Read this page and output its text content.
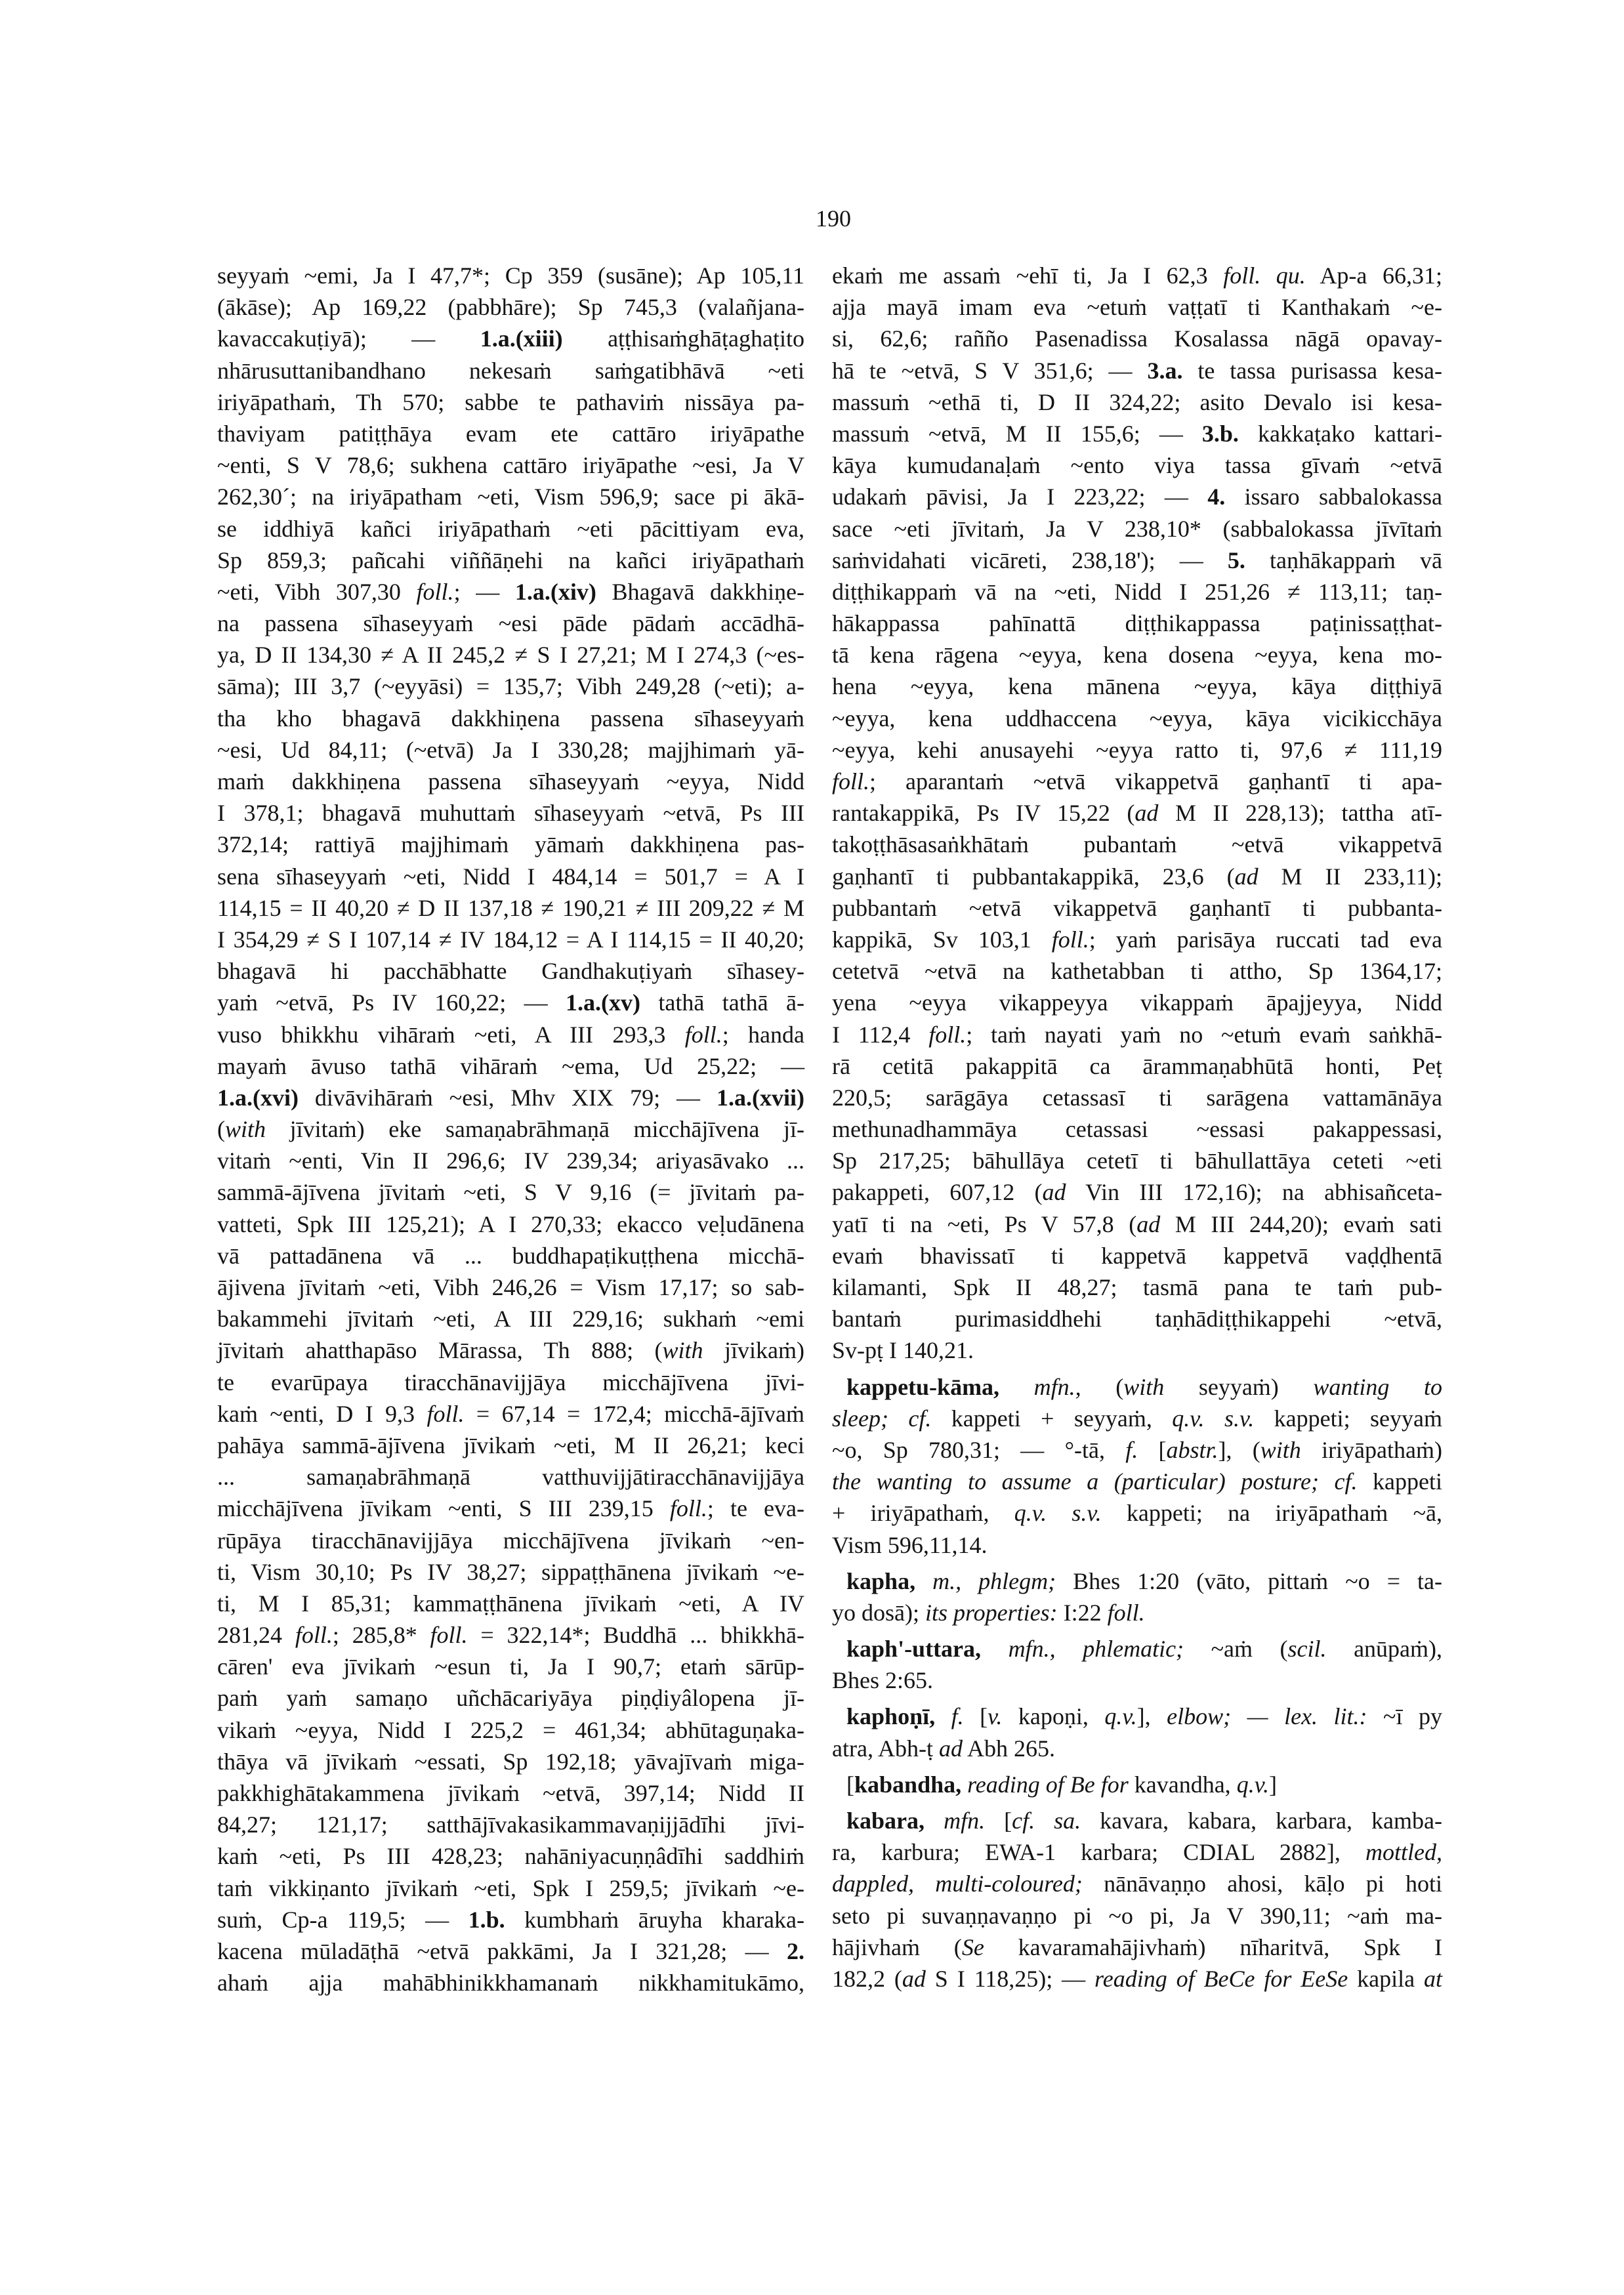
190
seyyaṁ ~emi, Ja I 47,7*; Cp 359 (susāne); Ap 105,11
(ākāse); Ap 169,22 (pabbhāre); Sp 745,3 (valañjana-
kavaccakuṭiyā); — 1.a.(xiii) aṭṭhisaṁghāṭaghaṭito
nhārusuttanibandhano nekesaṁ saṁgatibhāvā ~eti
iriyāpathaṁ, Th 570; sabbe te pathaviṁ nissāya pa-
thaviyam patiṭṭhāya evam ete cattāro iriyāpathe
~enti, S V 78,6; sukhena cattāro iriyāpathe ~esi, Ja V
262,30´; na iriyāpatham ~eti, Vism 596,9; sace pi ākā-
se iddhiyā kañci iriyāpathaṁ ~eti pācittiyam eva,
Sp 859,3; pañcahi viññāṇehi na kañci iriyāpathaṁ
~eti, Vibh 307,30 foll.; — 1.a.(xiv) Bhagavā dakkhiṇe-
na passena sīhaseyyaṁ ~esi pāde pādaṁ accādhā-
ya, D II 134,30 ≠ A II 245,2 ≠ S I 27,21; M I 274,3 (~es-
sāma); III 3,7 (~eyyāsi) = 135,7; Vibh 249,28 (~eti); a-
tha kho bhagavā dakkhiṇena passena sīhaseyyaṁ
~esi, Ud 84,11; (~etvā) Ja I 330,28; majjhimaṁ yā-
maṁ dakkhiṇena passena sīhaseyyaṁ ~eyya, Nidd
I 378,1; bhagavā muhuttaṁ sīhaseyyaṁ ~etvā, Ps III
372,14; rattiyā majjhimaṁ yāmaṁ dakkhiṇena pas-
sena sīhaseyyaṁ ~eti, Nidd I 484,14 = 501,7 = A I
114,15 = II 40,20 ≠ D II 137,18 ≠ 190,21 ≠ III 209,22 ≠ M
I 354,29 ≠ S I 107,14 ≠ IV 184,12 = A I 114,15 = II 40,20;
bhagavā hi pacchābhatte Gandhakuṭiyaṁ sīhasey-
yaṁ ~etvā, Ps IV 160,22; — 1.a.(xv) tathā tathā ā-
vuso bhikkhu vihāraṁ ~eti, A III 293,3 foll.; handa
mayaṁ āvuso tathā vihāraṁ ~ema, Ud 25,22; —
1.a.(xvi) divāvihāraṁ ~esi, Mhv XIX 79; — 1.a.(xvii)
(with jīvitaṁ) eke samaṇabrāhmaṇā micchājīvena jī-
vitaṁ ~enti, Vin II 296,6; IV 239,34; ariyasāvako ...
sammā-ājīvena jīvitaṁ ~eti, S V 9,16 (= jīvitaṁ pa-
vatteti, Spk III 125,21); A I 270,33; ekacco veḷudānena
vā pattadānena vā ... buddhapaṭikuṭṭhena micchā-
ājivena jīvitaṁ ~eti, Vibh 246,26 = Vism 17,17; so sab-
bakammehi jīvitaṁ ~eti, A III 229,16; sukhaṁ ~emi
jīvitaṁ ahatthapāso Mārassa, Th 888; (with jīvikaṁ)
te evarūpaya tiracchānavijjāya micchājīvena jīvi-
kaṁ ~enti, D I 9,3 foll. = 67,14 = 172,4; micchā-ājīvaṁ
pahāya sammā-ājīvena jīvikaṁ ~eti, M II 26,21; keci
... samaṇabrāhmaṇā vatthuvijjātiracchānavijjāya
micchājīvena jīvikam ~enti, S III 239,15 foll.; te eva-
rūpāya tiracchānavijjāya micchājīvena jīvikaṁ ~en-
ti, Vism 30,10; Ps IV 38,27; sippaṭṭhānena jīvikaṁ ~e-
ti, M I 85,31; kammaṭṭhānena jīvikaṁ ~eti, A IV
281,24 foll.; 285,8* foll. = 322,14*; Buddhā ... bhikkhā-
cāren' eva jīvikaṁ ~esun ti, Ja I 90,7; etaṁ sārūp-
paṁ yaṁ samaṇo uñchācariyāya piṇḍiyâlopena jī-
vikaṁ ~eyya, Nidd I 225,2 = 461,34; abhūtaguṇaka-
thāya vā jīvikaṁ ~essati, Sp 192,18; yāvajīvaṁ miga-
pakkhighātakammena jīvikaṁ ~etvā, 397,14; Nidd II
84,27; 121,17; satthājīvakasikammavaṇijjādīhi jīvi-
kaṁ ~eti, Ps III 428,23; nahāniyacuṇṇâdīhi saddhiṁ
taṁ vikkiṇanto jīvikaṁ ~eti, Spk I 259,5; jīvikaṁ ~e-
suṁ, Cp-a 119,5; — 1.b. kumbhaṁ āruyha kharaka-
kacena mūladāṭhā ~etvā pakkāmi, Ja I 321,28; — 2.
ahaṁ ajja mahābhinikkhamanaṁ nikkhamitukāmo,
ekaṁ me assaṁ ~ehī ti, Ja I 62,3 foll. qu. Ap-a 66,31;
ajja mayā imam eva ~etuṁ vaṭṭatī ti Kanthakaṁ ~e-
si, 62,6; rañño Pasenadissa Kosalassa nāgā opavay-
hā te ~etvā, S V 351,6; — 3.a. te tassa purisassa kesa-
massuṁ ~ethā ti, D II 324,22; asito Devalo isi kesa-
massuṁ ~etvā, M II 155,6; — 3.b. kakkaṭako kattari-
kāya kumudanaḷaṁ ~ento viya tassa gīvaṁ ~etvā
udakaṁ pāvisi, Ja I 223,22; — 4. issaro sabbalokassa
sace ~eti jīvitaṁ, Ja V 238,10* (sabbalokassa jīvītaṁ
saṁvidahati vicāreti, 238,18'); — 5. taṇhākappaṁ vā
diṭṭhikappaṁ vā na ~eti, Nidd I 251,26 ≠ 113,11; taṇ-
hākappassa pahīnattā diṭṭhikappassa paṭinissaṭṭhat-
tā kena rāgena ~eyya, kena dosena ~eyya, kena mo-
hena ~eyya, kena mānena ~eyya, kāya diṭṭhiyā
~eyya, kena uddhaccena ~eyya, kāya vicikicchāya
~eyya, kehi anusayehi ~eyya ratto ti, 97,6 ≠ 111,19
foll.; aparantaṁ ~etvā vikappetvā gaṇhantī ti apa-
rantakappikā, Ps IV 15,22 (ad M II 228,13); tattha atī-
takoṭṭhāsasaṅkhātaṁ pubantaṁ ~etvā vikappetvā
gaṇhantī ti pubbantakappikā, 23,6 (ad M II 233,11);
pubbantaṁ ~etvā vikappetvā gaṇhantī ti pubbanta-
kappikā, Sv 103,1 foll.; yaṁ parisāya ruccati tad eva
cetetvā ~etvā na kathetabban ti attho, Sp 1364,17;
yena ~eyya vikappeyya vikappaṁ āpajjeyya, Nidd
I 112,4 foll.; taṁ nayati yaṁ no ~etuṁ evaṁ saṅkhā-
rā cetitā pakappitā ca ārammaṇabhūtā honti, Peṭ
220,5; sarāgāya cetassasī ti sarāgena vattamānāya
methunadhammāya cetassasi ~essasi pakappessasi,
Sp 217,25; bāhullāya cetetī ti bāhullattāya ceteti ~eti
pakappeti, 607,12 (ad Vin III 172,16); na abhisañceta-
yatī ti na ~eti, Ps V 57,8 (ad M III 244,20); evaṁ sati
evaṁ bhavissatī ti kappetvā kappetvā vaḍḍhentā
kilamanti, Spk II 48,27; tasmā pana te taṁ pub-
bantaṁ purimasiddhehi taṇhādiṭṭhikappehi ~etvā,
Sv-pṭ I 140,21.
kappetu-kāma, mfn., (with seyyaṁ) wanting to
sleep; cf. kappeti + seyyaṁ, q.v. s.v. kappeti; seyyaṁ
~o, Sp 780,31; — °-tā, f. [abstr.], (with iriyāpathaṁ)
the wanting to assume a (particular) posture; cf. kappeti
+ iriyāpathaṁ, q.v. s.v. kappeti; na iriyāpathaṁ ~ā,
Vism 596,11,14.
kapha, m., phlegm; Bhes 1:20 (vāto, pittaṁ ~o = ta-
yo dosā); its properties: I:22 foll.
kaph'-uttara, mfn., phlematic; ~aṁ (scil. anūpaṁ),
Bhes 2:65.
kaphoṇī, f. [v. kapoṇi, q.v.], elbow; — lex. lit.: ~ī py
atra, Abh-ṭ ad Abh 265.
[kabandha, reading of Be for kavandha, q.v.]
kabara, mfn. [cf. sa. kavara, kabara, karbara, kamba-
ra, karbura; EWA-1 karbara; CDIAL 2882], mottled,
dappled, multi-coloured; nānāvaṇṇo ahosi, kāḷo pi hoti
seto pi suvaṇṇavaṇṇo pi ~o pi, Ja V 390,11; ~aṁ ma-
hājivhaṁ (Se kavaramahājivhaṁ) nīharitvā, Spk I
182,2 (ad S I 118,25); — reading of BeCe for EeSe kapila at
